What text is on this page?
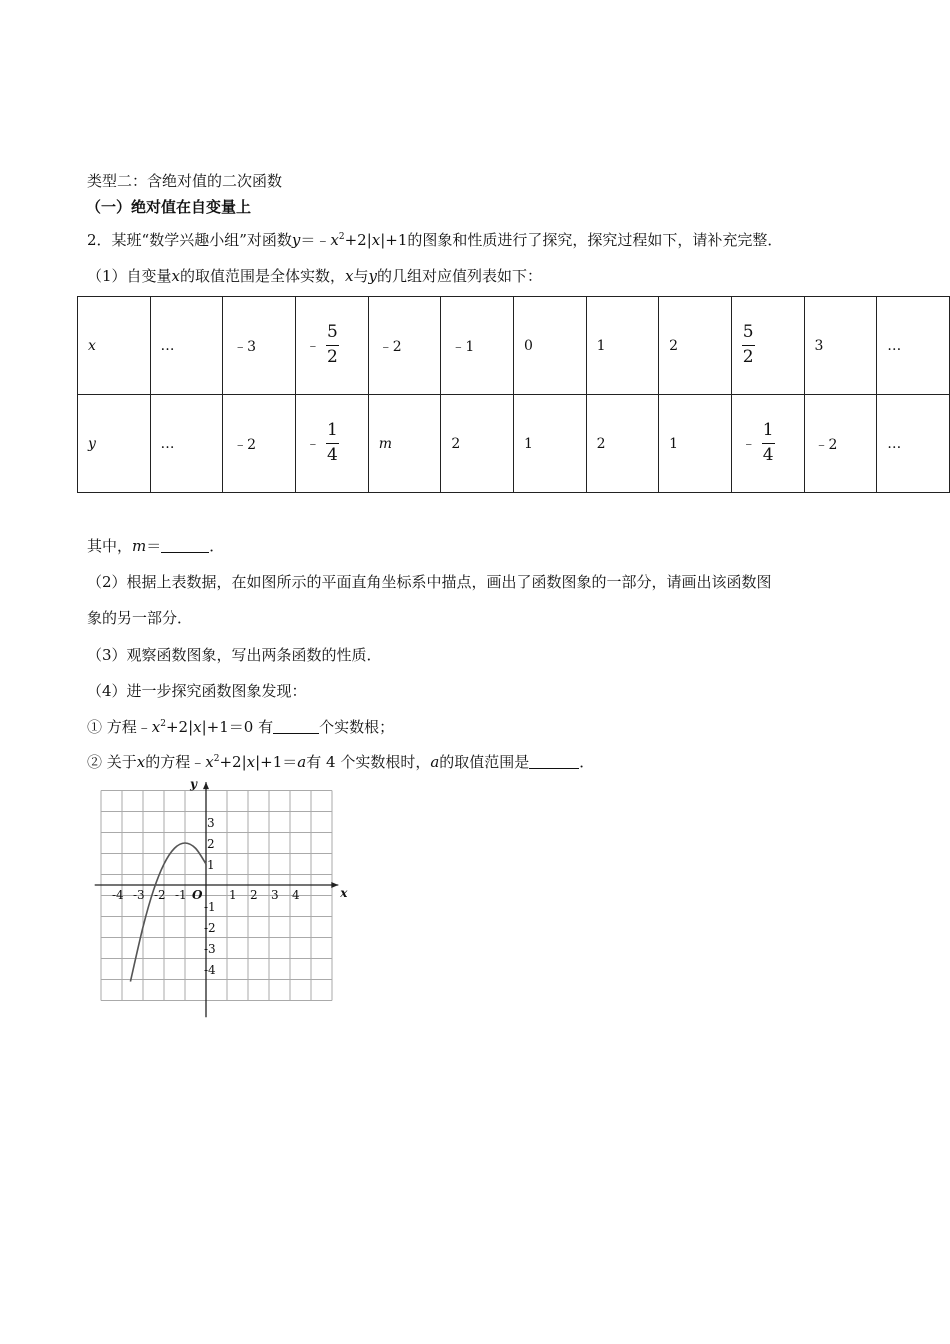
类型二：含绝对值的二次函数
（一）绝对值在自变量上
2．某班“数学兴趣小组”对函数$y=﹣x^2+2|x|+1$的图象和性质进行了探究，探究过程如下，请补充完整．
（1）自变量x的取值范围是全体实数，x与y的几组对应值列表如下：
x	…	﹣3	﹣ $\frac{5}{2}$	﹣2	﹣1	0	1	2	$\frac{5}{2}$	3	…
y	…	﹣2	﹣ $\frac{1}{4}$	m	2	1	2	1	﹣ $\frac{1}{4}$	﹣2	…
其中，m＝	．
（2）根据上表数据，在如图所示的平面直角坐标系中描点，画出了函数图象的一部分，请画出该函数图
象的另一部分．
（3）观察函数图象，写出两条函数的性质．
（4）进一步探究函数图象发现：
① 方程$﹣x^2+2|x|+1=0$ 有	个实数根；
② 关于x的方程$﹣x^2+2|x|+1=a$有 4 个实数根时，a的取值范围是	．
-4 -3 -2 -1	1 2 3 4
3
2
1
-1
-2
-3
-4
O	x
y
